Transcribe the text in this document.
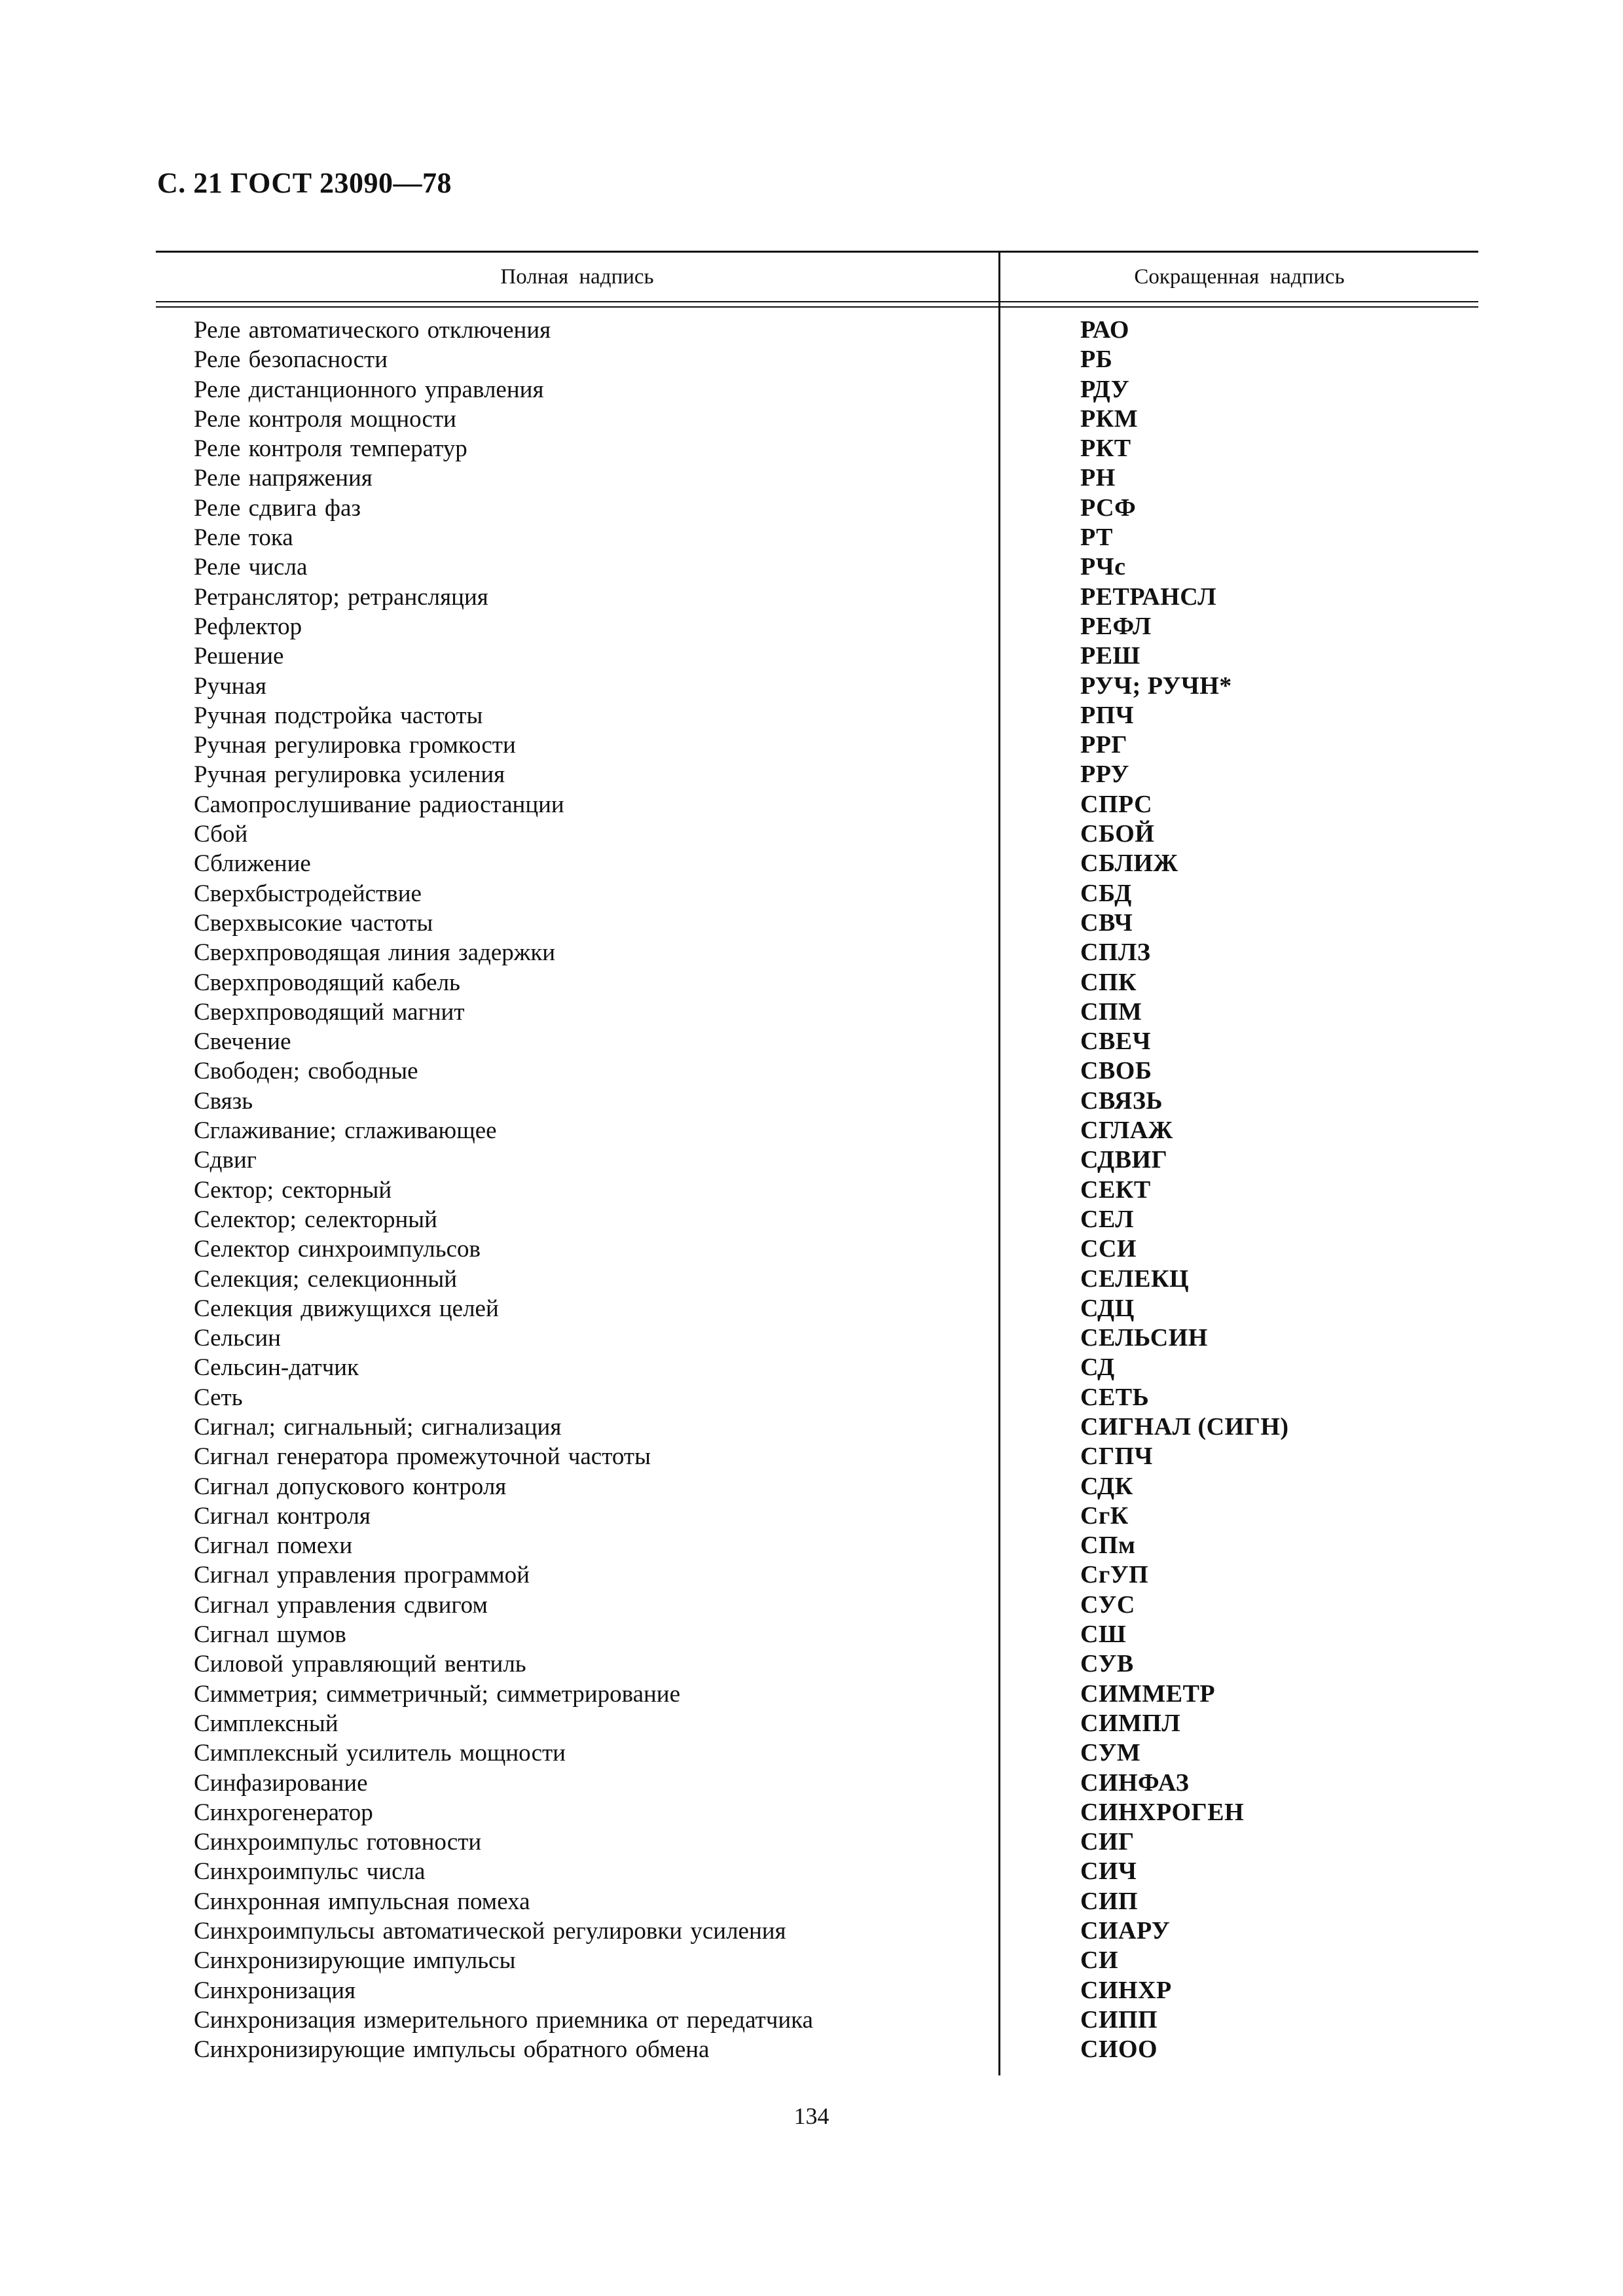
С. 21 ГОСТ 23090—78
Полная надпись	Сокращенная надпись
Реле автоматического отключения
Реле безопасности
Реле дистанционного управления
Реле контроля мощности
Реле контроля температур
Реле напряжения
Реле сдвига фаз
Реле тока
Реле числа
Ретранслятор; ретрансляция
Рефлектор
Решение
Ручная
Ручная подстройка частоты
Ручная регулировка громкости
Ручная регулировка усиления
Самопрослушивание радиостанции
Сбой
Сближение
Сверхбыстродействие
Сверхвысокие частоты
Сверхпроводящая линия задержки
Сверхпроводящий кабель
Сверхпроводящий магнит
Свечение
Свободен; свободные
Связь
Сглаживание; сглаживающее
Сдвиг
Сектор; секторный
Селектор; селекторный
Селектор синхроимпульсов
Селекция; селекционный
Селекция движущихся целей
Сельсин
Сельсин-датчик
Сеть
Сигнал; сигнальный; сигнализация
Сигнал генератора промежуточной частоты
Сигнал допускового контроля
Сигнал контроля
Сигнал помехи
Сигнал управления программой
Сигнал управления сдвигом
Сигнал шумов
Силовой управляющий вентиль
Симметрия; симметричный; симметрирование
Симплексный
Симплексный усилитель мощности
Синфазирование
Синхрогенератор
Синхроимпульс готовности
Синхроимпульс числа
Синхронная импульсная помеха
Синхроимпульсы автоматической регулировки усиления
Синхронизирующие импульсы
Синхронизация
Синхронизация измерительного приемника от передатчика
Синхронизирующие импульсы обратного обмена
РАО
РБ
РДУ
РКМ
РКТ
РН
РСФ
РТ
РЧс
РЕТРАНСЛ
РЕФЛ
РЕШ
РУЧ; РУЧН*
РПЧ
РРГ
РРУ
СПРС
СБОЙ
СБЛИЖ
СБД
СВЧ
СПЛЗ
СПК
СПМ
СВЕЧ
СВОБ
СВЯЗЬ
СГЛАЖ
СДВИГ
СЕКТ
СЕЛ
ССИ
СЕЛЕКЦ
СДЦ
СЕЛЬСИН
СД
СЕТЬ
СИГНАЛ (СИГН)
СГПЧ
СДК
СгК
СПм
СгУП
СУС
СШ
СУВ
СИММЕТР
СИМПЛ
СУМ
СИНФАЗ
СИНХРОГЕН
СИГ
СИЧ
СИП
СИАРУ
СИ
СИНХР
СИПП
СИОО
134
